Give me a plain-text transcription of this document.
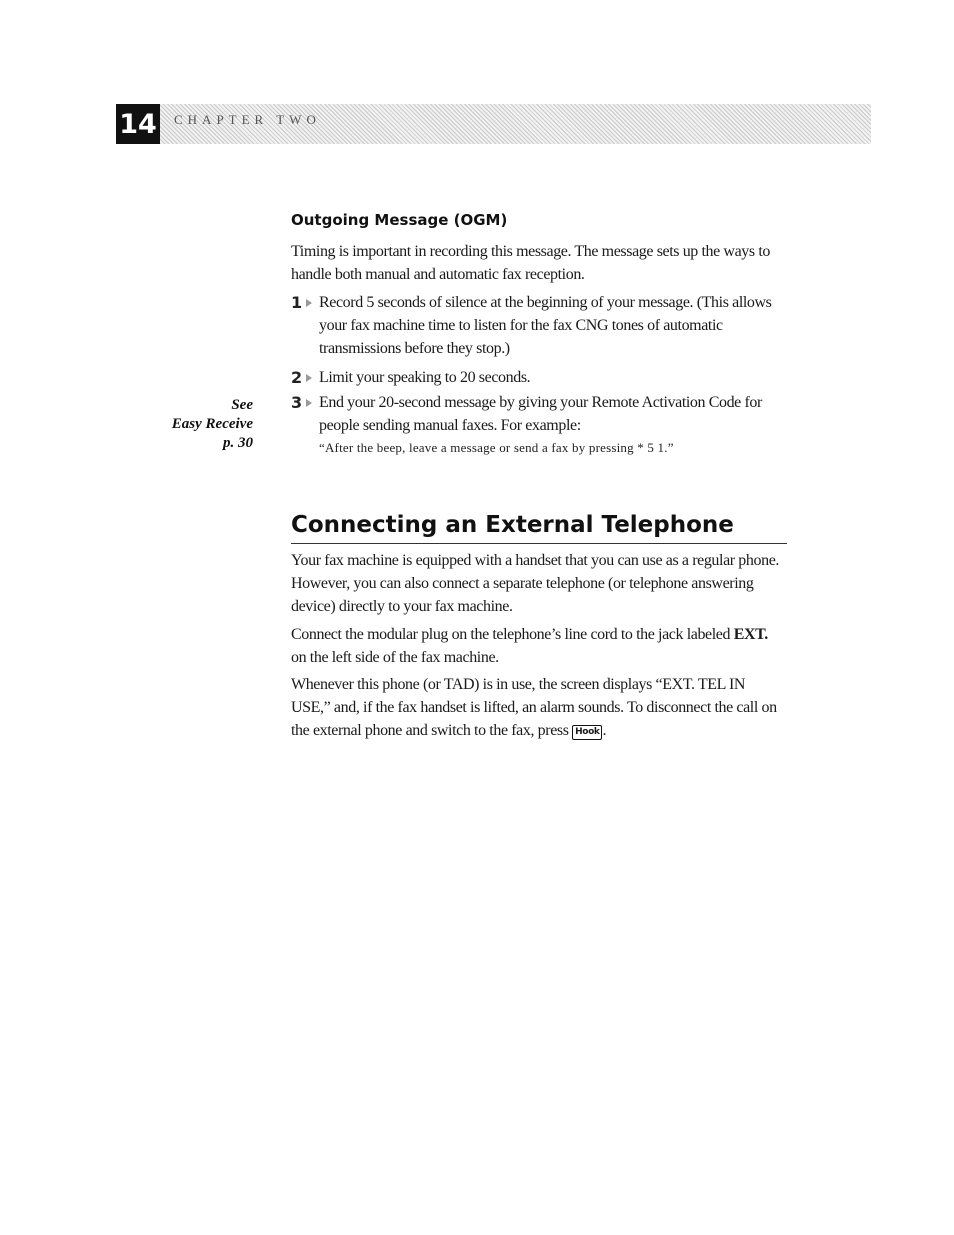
14 CHAPTER TWO
Outgoing Message (OGM)

Timing is important in recording this message. The message sets up the ways to handle both manual and automatic fax reception.

1	Record 5 seconds of silence at the beginning of your message. (This allows your fax machine time to listen for the fax CNG tones of automatic transmissions before they stop.)

2	Limit your speaking to 20 seconds.

3	End your 20-second message by giving your Remote Activation Code for people sending manual faxes. For example:

“After the beep, leave a message or send a fax by pressing * 5 1.”

See
Easy Receive
p. 30
Connecting an External Telephone

Your fax machine is equipped with a handset that you can use as a regular phone. However, you can also connect a separate telephone (or telephone answering device) directly to your fax machine.

Connect the modular plug on the telephone’s line cord to the jack labeled EXT. on the left side of the fax machine.

Whenever this phone (or TAD) is in use, the screen displays “EXT. TEL IN USE,” and, if the fax handset is lifted, an alarm sounds. To disconnect the call on the external phone and switch to the fax, press Hook .
